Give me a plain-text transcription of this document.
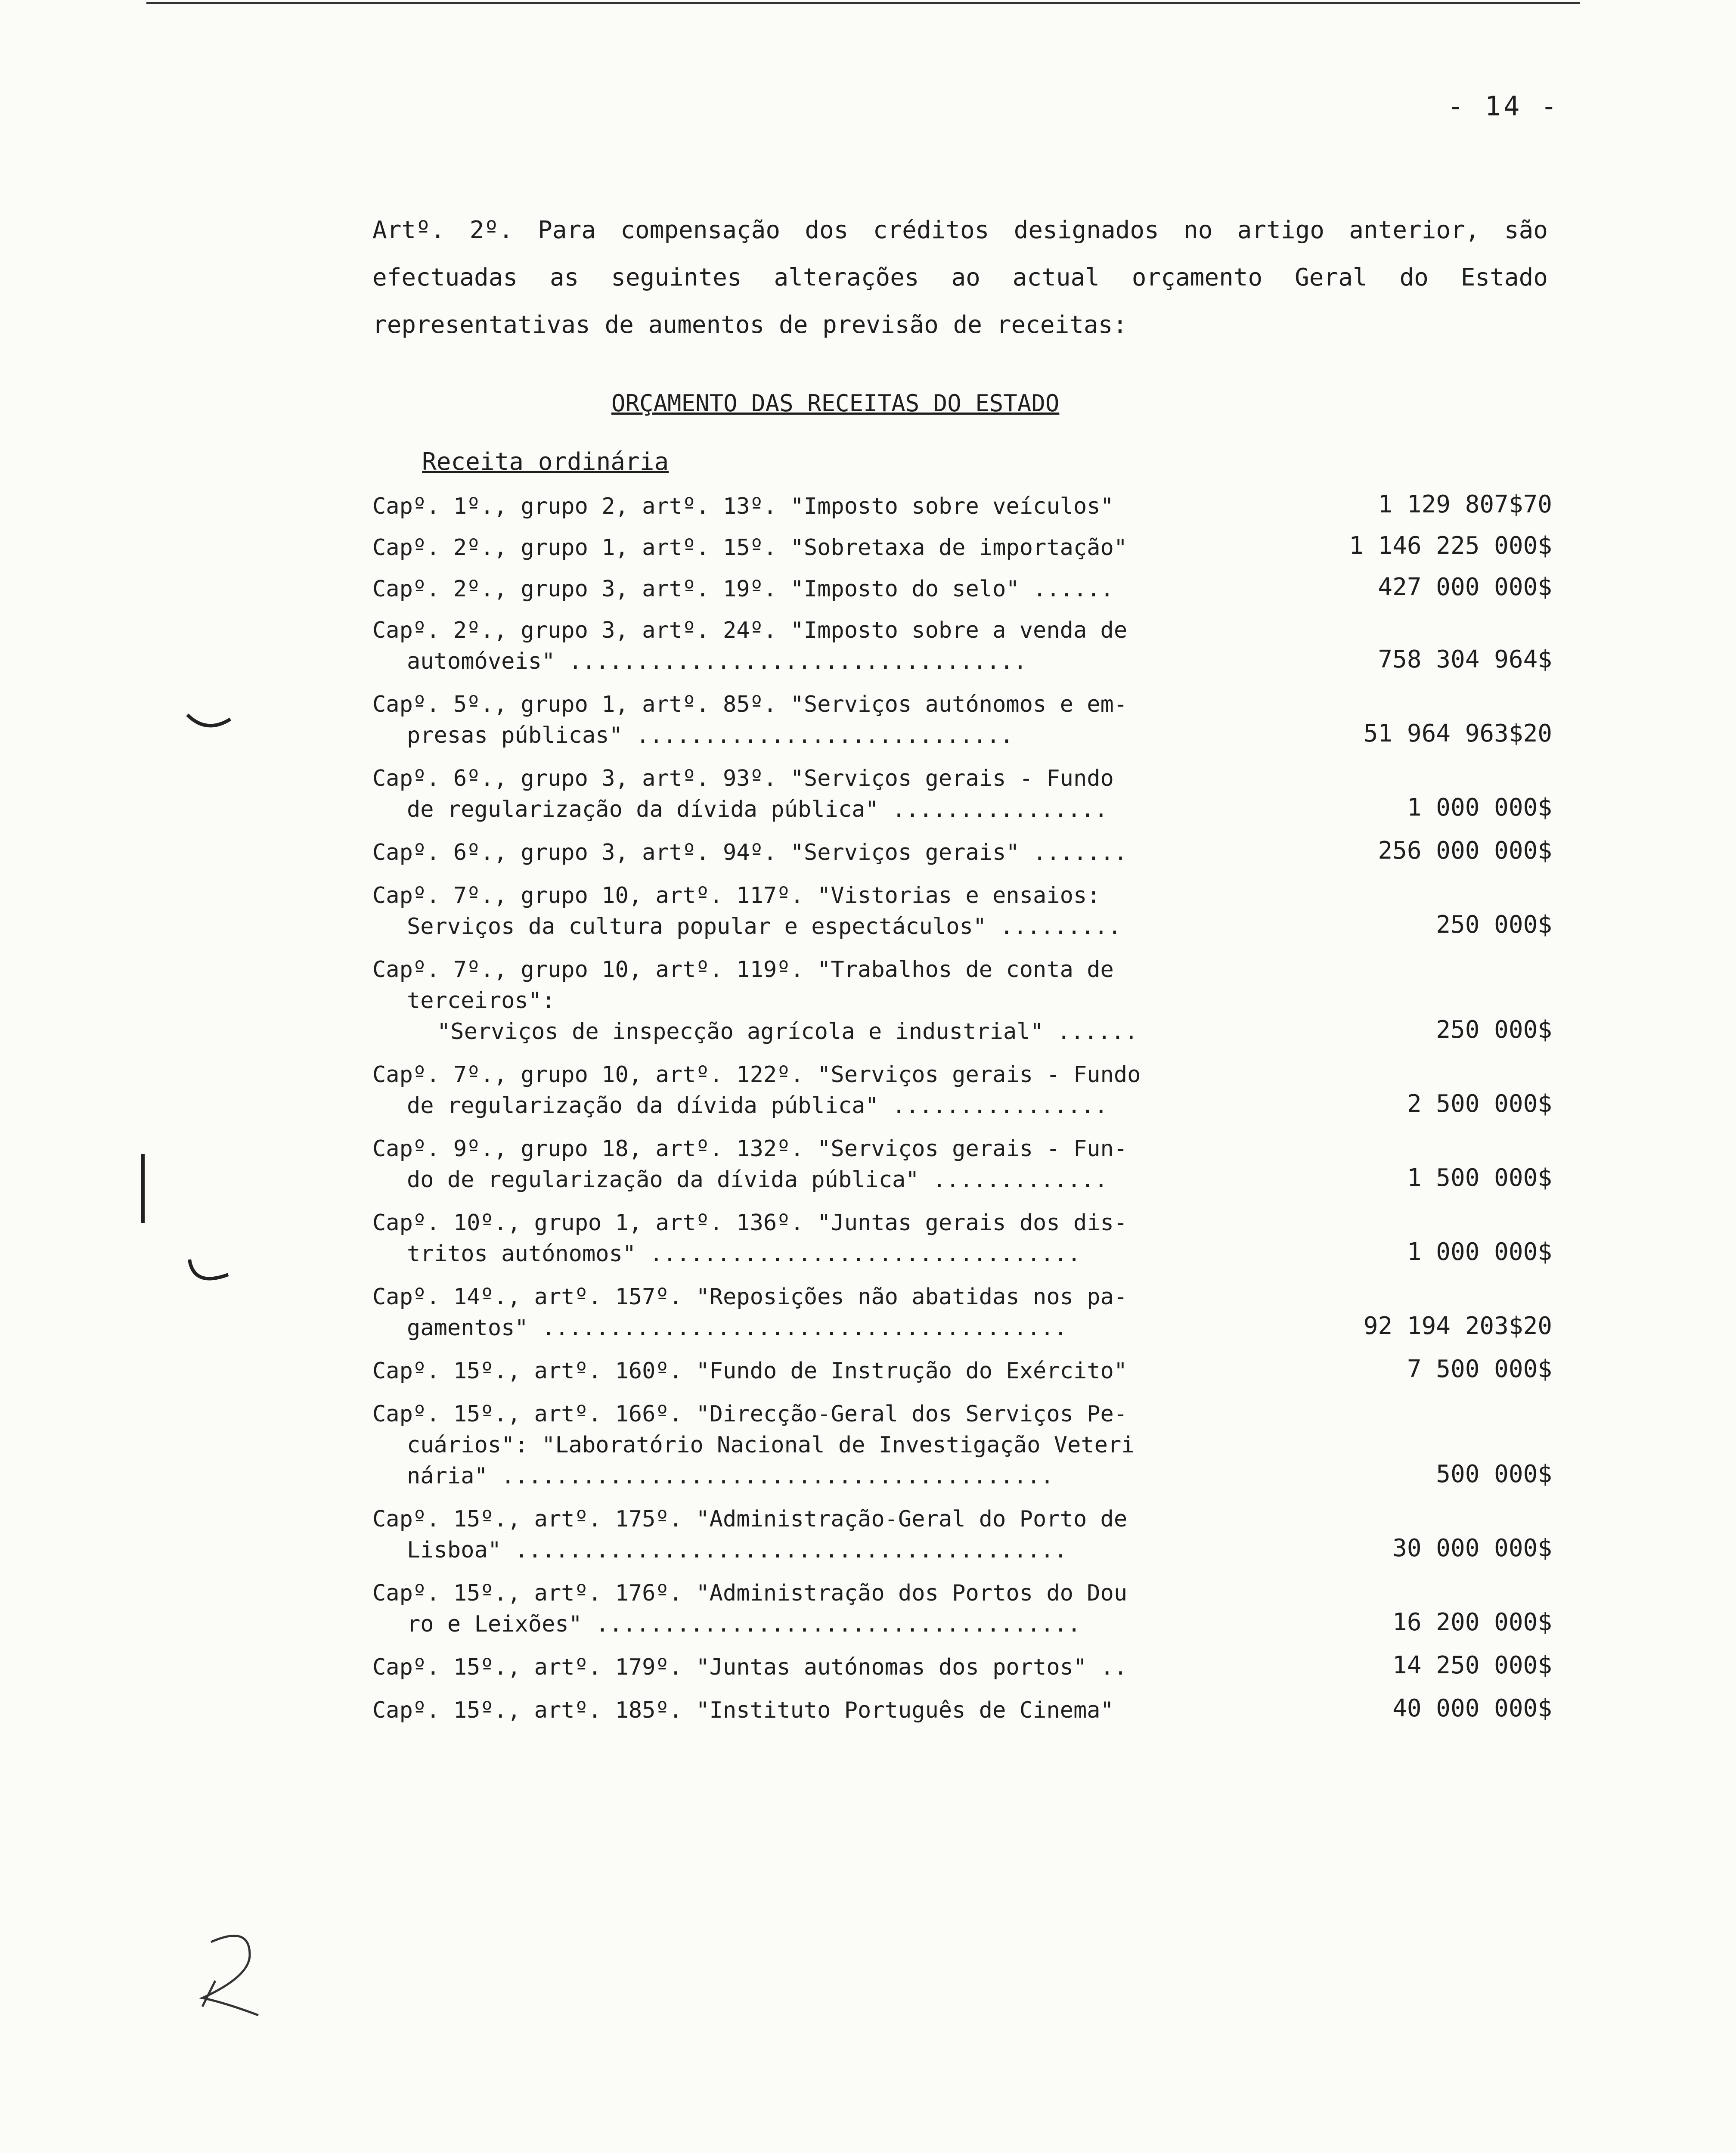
- 14 -
Artº. 2º. Para compensação dos créditos designados no artigo anterior, são efectuadas as seguintes alterações ao actual orçamento Geral do Estado representativas de aumentos de previsão de receitas:
ORÇAMENTO DAS RECEITAS DO ESTADO
Receita ordinária
Capº. 1º., grupo 2, artº. 13º. "Imposto sobre veículos"	1 129 807$70
Capº. 2º., grupo 1, artº. 15º. "Sobretaxa de importação"	1 146 225 000$
Capº. 2º., grupo 3, artº. 19º. "Imposto do selo" ......	427 000 000$
Capº. 2º., grupo 3, artº. 24º. "Imposto sobre a venda de
automóveis" ..................................	758 304 964$
Capº. 5º., grupo 1, artº. 85º. "Serviços autónomos e em-
presas públicas" ............................	51 964 963$20
Capº. 6º., grupo 3, artº. 93º. "Serviços gerais - Fundo
de regularização da dívida pública" ................	1 000 000$
Capº. 6º., grupo 3, artº. 94º. "Serviços gerais" .......	256 000 000$
Capº. 7º., grupo 10, artº. 117º. "Vistorias e ensaios:
Serviços da cultura popular e espectáculos" .........	250 000$
Capº. 7º., grupo 10, artº. 119º. "Trabalhos de conta de
terceiros":
"Serviços de inspecção agrícola e industrial" ......	250 000$
Capº. 7º., grupo 10, artº. 122º. "Serviços gerais - Fundo
de regularização da dívida pública" ................	2 500 000$
Capº. 9º., grupo 18, artº. 132º. "Serviços gerais - Fun-
do de regularização da dívida pública" .............	1 500 000$
Capº. 10º., grupo 1, artº. 136º. "Juntas gerais dos dis-
tritos autónomos" ................................	1 000 000$
Capº. 14º., artº. 157º. "Reposições não abatidas nos pa-
gamentos" .......................................	92 194 203$20
Capº. 15º., artº. 160º. "Fundo de Instrução do Exército"	7 500 000$
Capº. 15º., artº. 166º. "Direcção-Geral dos Serviços Pe-
cuários": "Laboratório Nacional de Investigação Veteri
nária" .........................................	500 000$
Capº. 15º., artº. 175º. "Administração-Geral do Porto de
Lisboa" .........................................	30 000 000$
Capº. 15º., artº. 176º. "Administração dos Portos do Dou
ro e Leixões" ....................................	16 200 000$
Capº. 15º., artº. 179º. "Juntas autónomas dos portos" ..	14 250 000$
Capº. 15º., artº. 185º. "Instituto Português de Cinema"	40 000 000$
